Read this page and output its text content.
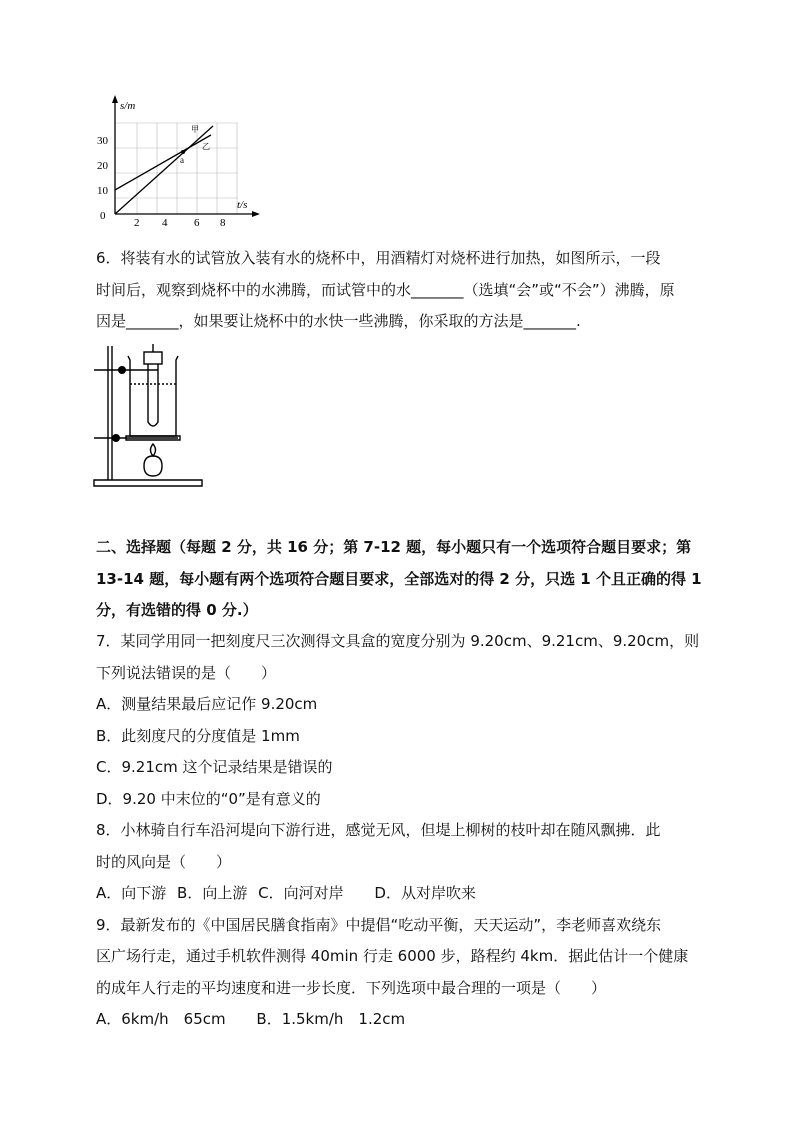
s/m
t/s
0
10
20
30
2 4 6 8
甲
乙
a
6．将装有水的试管放入装有水的烧杯中，用酒精灯对烧杯进行加热，如图所示，一段
时间后，观察到烧杯中的水沸腾，而试管中的水_______（选填“会”或“不会”）沸腾，原
因是_______，如果要让烧杯中的水快一些沸腾，你采取的方法是_______.
二、选择题（每题 2 分，共 16 分；第 7-12 题，每小题只有一个选项符合题目要求；第
13-14 题，每小题有两个选项符合题目要求，全部选对的得 2 分，只选 1 个且正确的得 1
分，有选错的得 0 分.）
7．某同学用同一把刻度尺三次测得文具盒的宽度分别为 9.20cm、9.21cm、9.20cm，则
下列说法错误的是（　　）
A．测量结果最后应记作 9.20cm
B．此刻度尺的分度值是 1mm
C．9.21cm 这个记录结果是错误的
D．9.20 中末位的“0”是有意义的
8．小林骑自行车沿河堤向下游行进，感觉无风，但堤上柳树的枝叶却在随风飘拂．此
时的风向是（　　）
A．向下游 B．向上游 C．向河对岸 D．从对岸吹来
9．最新发布的《中国居民膳食指南》中提倡“吃动平衡，天天运动”，李老师喜欢绕东
区广场行走，通过手机软件测得 40min 行走 6000 步，路程约 4km．据此估计一个健康
的成年人行走的平均速度和进一步长度．下列选项中最合理的一项是（　　）
A．6km/h　65cm B．1.5km/h　1.2cm
